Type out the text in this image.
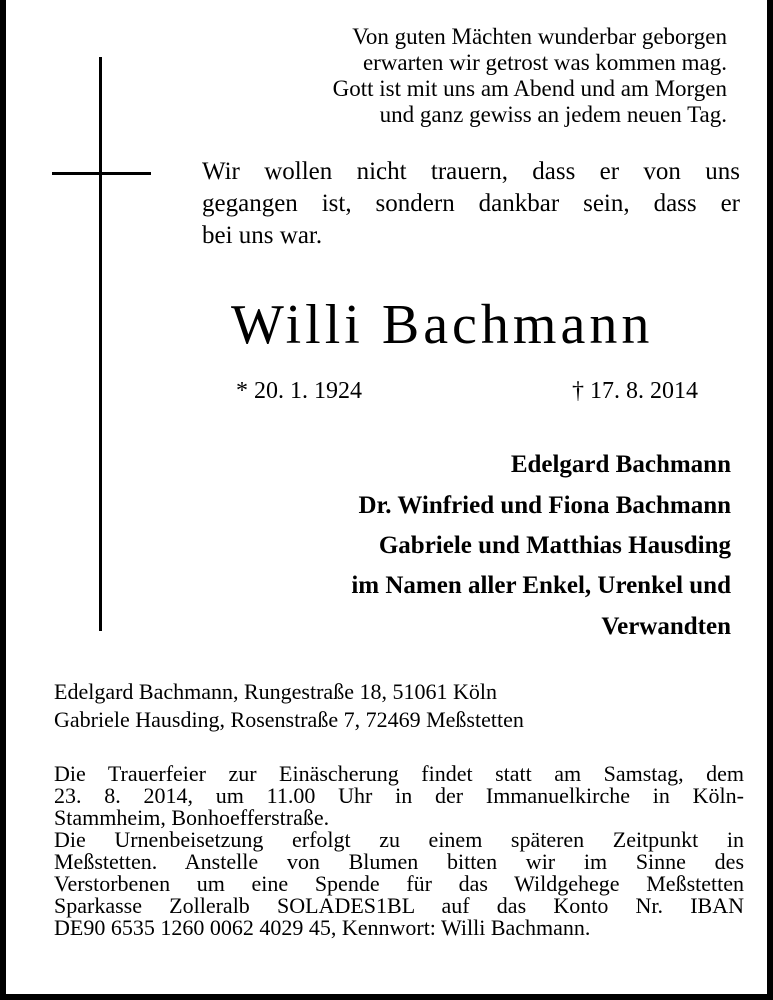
Von guten Mächten wunderbar geborgen
erwarten wir getrost was kommen mag.
Gott ist mit uns am Abend und am Morgen
und ganz gewiss an jedem neuen Tag.
Wir wollen nicht trauern, dass er von uns
gegangen ist, sondern dankbar sein, dass er
bei uns war.
Willi Bachmann
* 20. 1. 1924	† 17. 8. 2014
Edelgard Bachmann
Dr. Winfried und Fiona Bachmann
Gabriele und Matthias Hausding
im Namen aller Enkel, Urenkel und
Verwandten
Edelgard Bachmann, Rungestraße 18, 51061 Köln
Gabriele Hausding, Rosenstraße 7, 72469 Meßstetten
Die Trauerfeier zur Einäscherung findet statt am Samstag, dem
23. 8. 2014, um 11.00 Uhr in der Immanuelkirche in Köln-
Stammheim, Bonhoefferstraße.
Die Urnenbeisetzung erfolgt zu einem späteren Zeitpunkt in
Meßstetten. Anstelle von Blumen bitten wir im Sinne des
Verstorbenen um eine Spende für das Wildgehege Meßstetten
Sparkasse Zolleralb SOLADES1BL auf das Konto Nr. IBAN
DE90 6535 1260 0062 4029 45, Kennwort: Willi Bachmann.
